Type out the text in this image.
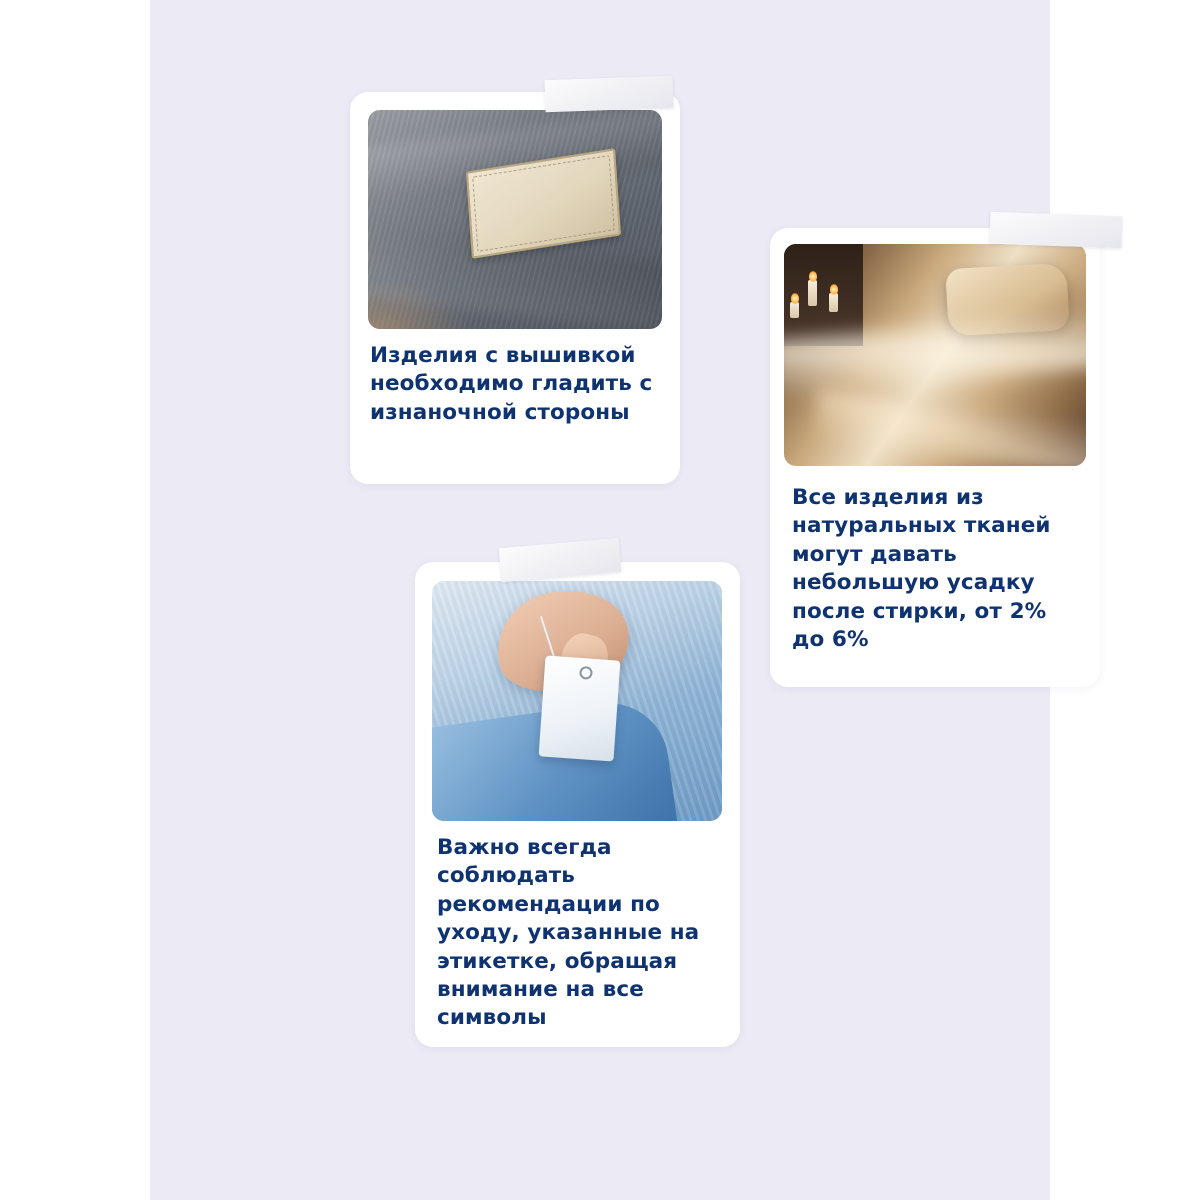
Изделия с вышивкой необходимо гладить с изнаночной стороны
Все изделия из натуральных тканей могут давать небольшую усадку после стирки, от 2% до 6%
Важно всегда соблюдать рекомендации по уходу, указанные на этикетке, обращая внимание на все символы
